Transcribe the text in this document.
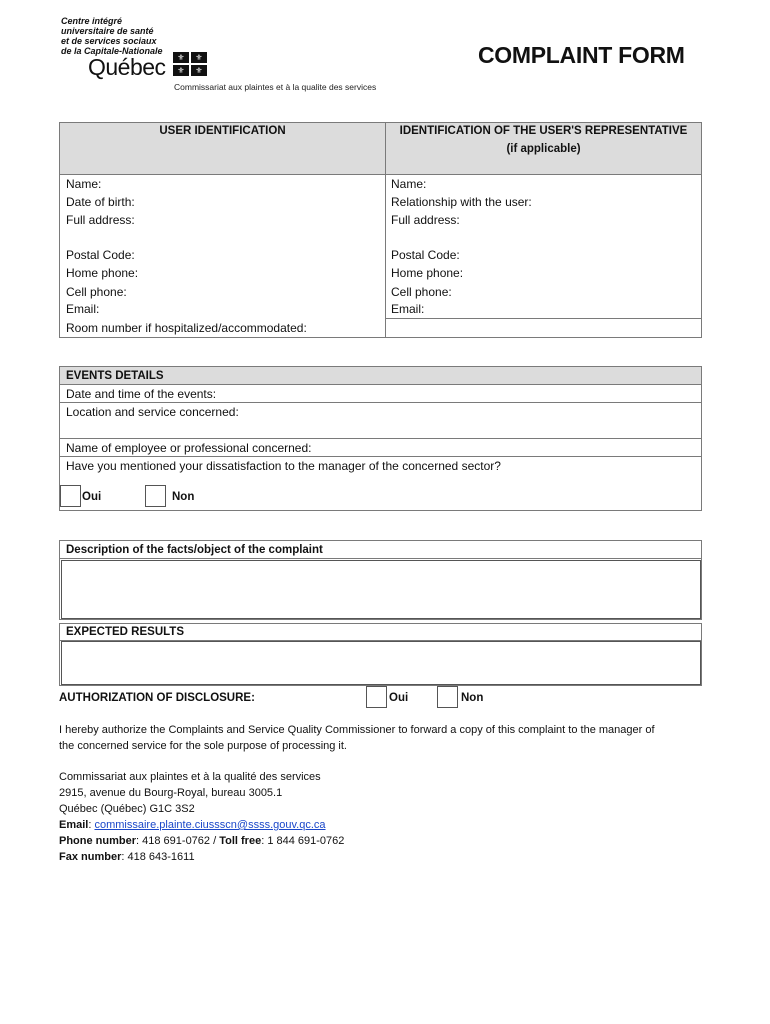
Centre intégré
universitaire de santé
et de services sociaux
de la Capitale-Nationale
Québec	⚜	⚜
⚜	⚜
Commissariat aux plaintes et à la qualite des services
COMPLAINT FORM
USER IDENTIFICATION	IDENTIFICATION OF THE USER'S REPRESENTATIVE
(if applicable)
Name:
Date of birth:
Full address:
Postal Code:
Home phone:
Cell phone:
Email:
Room number if hospitalized/accommodated:
Name:
Relationship with the user:
Full address:
Postal Code:
Home phone:
Cell phone:
Email:
EVENTS DETAILS
Date and time of the events:
Location and service concerned:
Name of employee or professional concerned:
Have you mentioned your dissatisfaction to the manager of the concerned sector?
Oui	Non
Description of the facts/object of the complaint
EXPECTED RESULTS
AUTHORIZATION OF DISCLOSURE:	Oui	Non
I hereby authorize the Complaints and Service Quality Commissioner to forward a copy of this complaint to the manager of
the concerned service for the sole purpose of processing it.
Commissariat aux plaintes et à la qualité des services
2915, avenue du Bourg-Royal, bureau 3005.1
Québec (Québec) G1C 3S2
Email: commissaire.plainte.ciussscn@ssss.gouv.qc.ca
Phone number: 418 691-0762 / Toll free: 1 844 691-0762
Fax number: 418 643-1611
